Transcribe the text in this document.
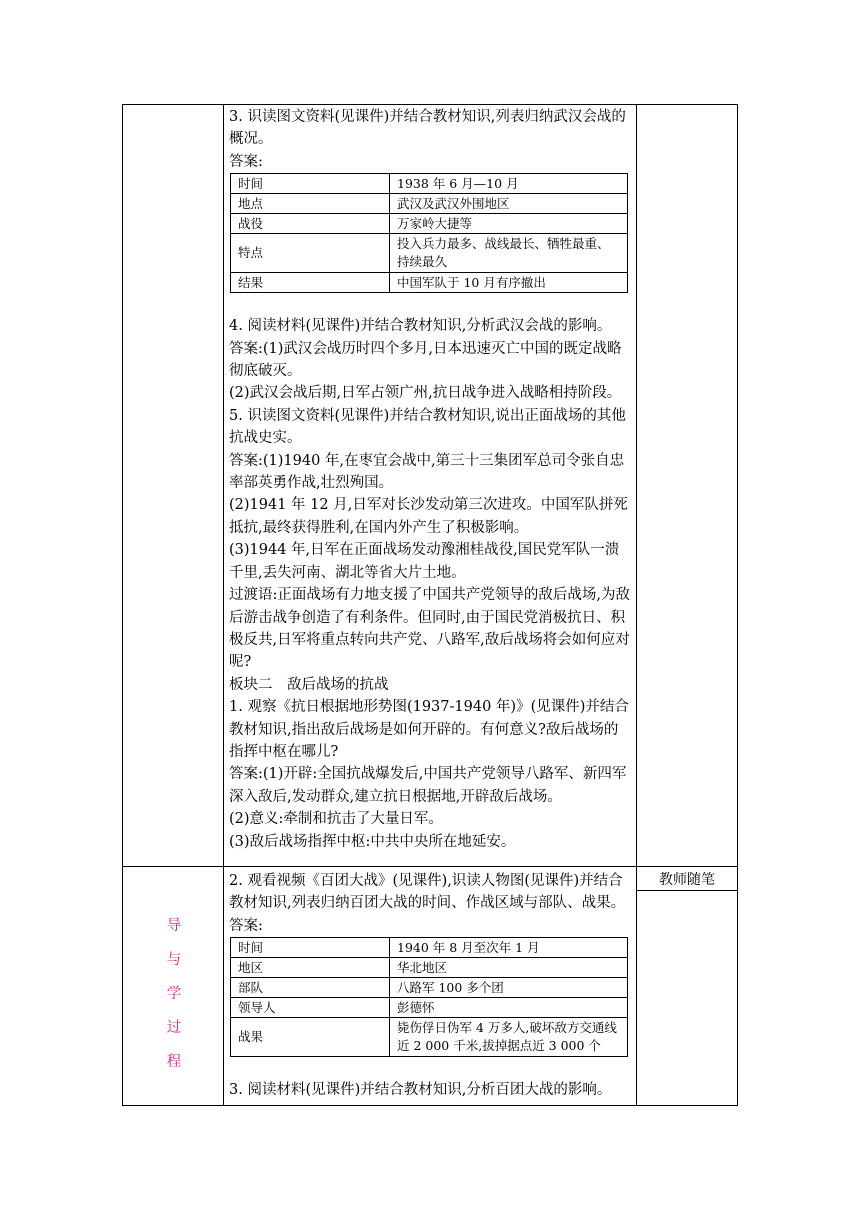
3. 识读图文资料(见课件)并结合教材知识,列表归纳武汉会战的概况。

答案:

时间	1938 年 6 月—10 月
地点	武汉及武汉外围地区
战役	万家岭大捷等
特点	投入兵力最多、战线最长、牺牲最重、持续最久
结果	中国军队于 10 月有序撤出

4. 阅读材料(见课件)并结合教材知识,分析武汉会战的影响。

答案:(1)武汉会战历时四个多月,日本迅速灭亡中国的既定战略彻底破灭。

(2)武汉会战后期,日军占领广州,抗日战争进入战略相持阶段。

5. 识读图文资料(见课件)并结合教材知识,说出正面战场的其他抗战史实。

答案:(1)1940 年,在枣宜会战中,第三十三集团军总司令张自忠率部英勇作战,壮烈殉国。

(2)1941 年 12 月,日军对长沙发动第三次进攻。中国军队拼死抵抗,最终获得胜利,在国内外产生了积极影响。

(3)1944 年,日军在正面战场发动豫湘桂战役,国民党军队一溃千里,丢失河南、湖北等省大片土地。

过渡语:正面战场有力地支援了中国共产党领导的敌后战场,为敌后游击战争创造了有利条件。但同时,由于国民党消极抗日、积极反共,日军将重点转向共产党、八路军,敌后战场将会如何应对呢?

板块二　敌后战场的抗战

1. 观察《抗日根据地形势图(1937-1940 年)》(见课件)并结合教材知识,指出敌后战场是如何开辟的。有何意义?敌后战场的指挥中枢在哪儿?

答案:(1)开辟:全国抗战爆发后,中国共产党领导八路军、新四军深入敌后,发动群众,建立抗日根据地,开辟敌后战场。

(2)意义:牵制和抗击了大量日军。

(3)敌后战场指挥中枢:中共中央所在地延安。

导
与
学
过
程
教师随笔

2. 观看视频《百团大战》(见课件),识读人物图(见课件)并结合教材知识,列表归纳百团大战的时间、作战区域与部队、战果。

答案:

时间	1940 年 8 月至次年 1 月
地区	华北地区
部队	八路军 100 多个团
领导人	彭德怀
战果	毙伤俘日伪军 4 万多人,破坏敌方交通线近 2 000 千米,拔掉据点近 3 000 个

3. 阅读材料(见课件)并结合教材知识,分析百团大战的影响。
